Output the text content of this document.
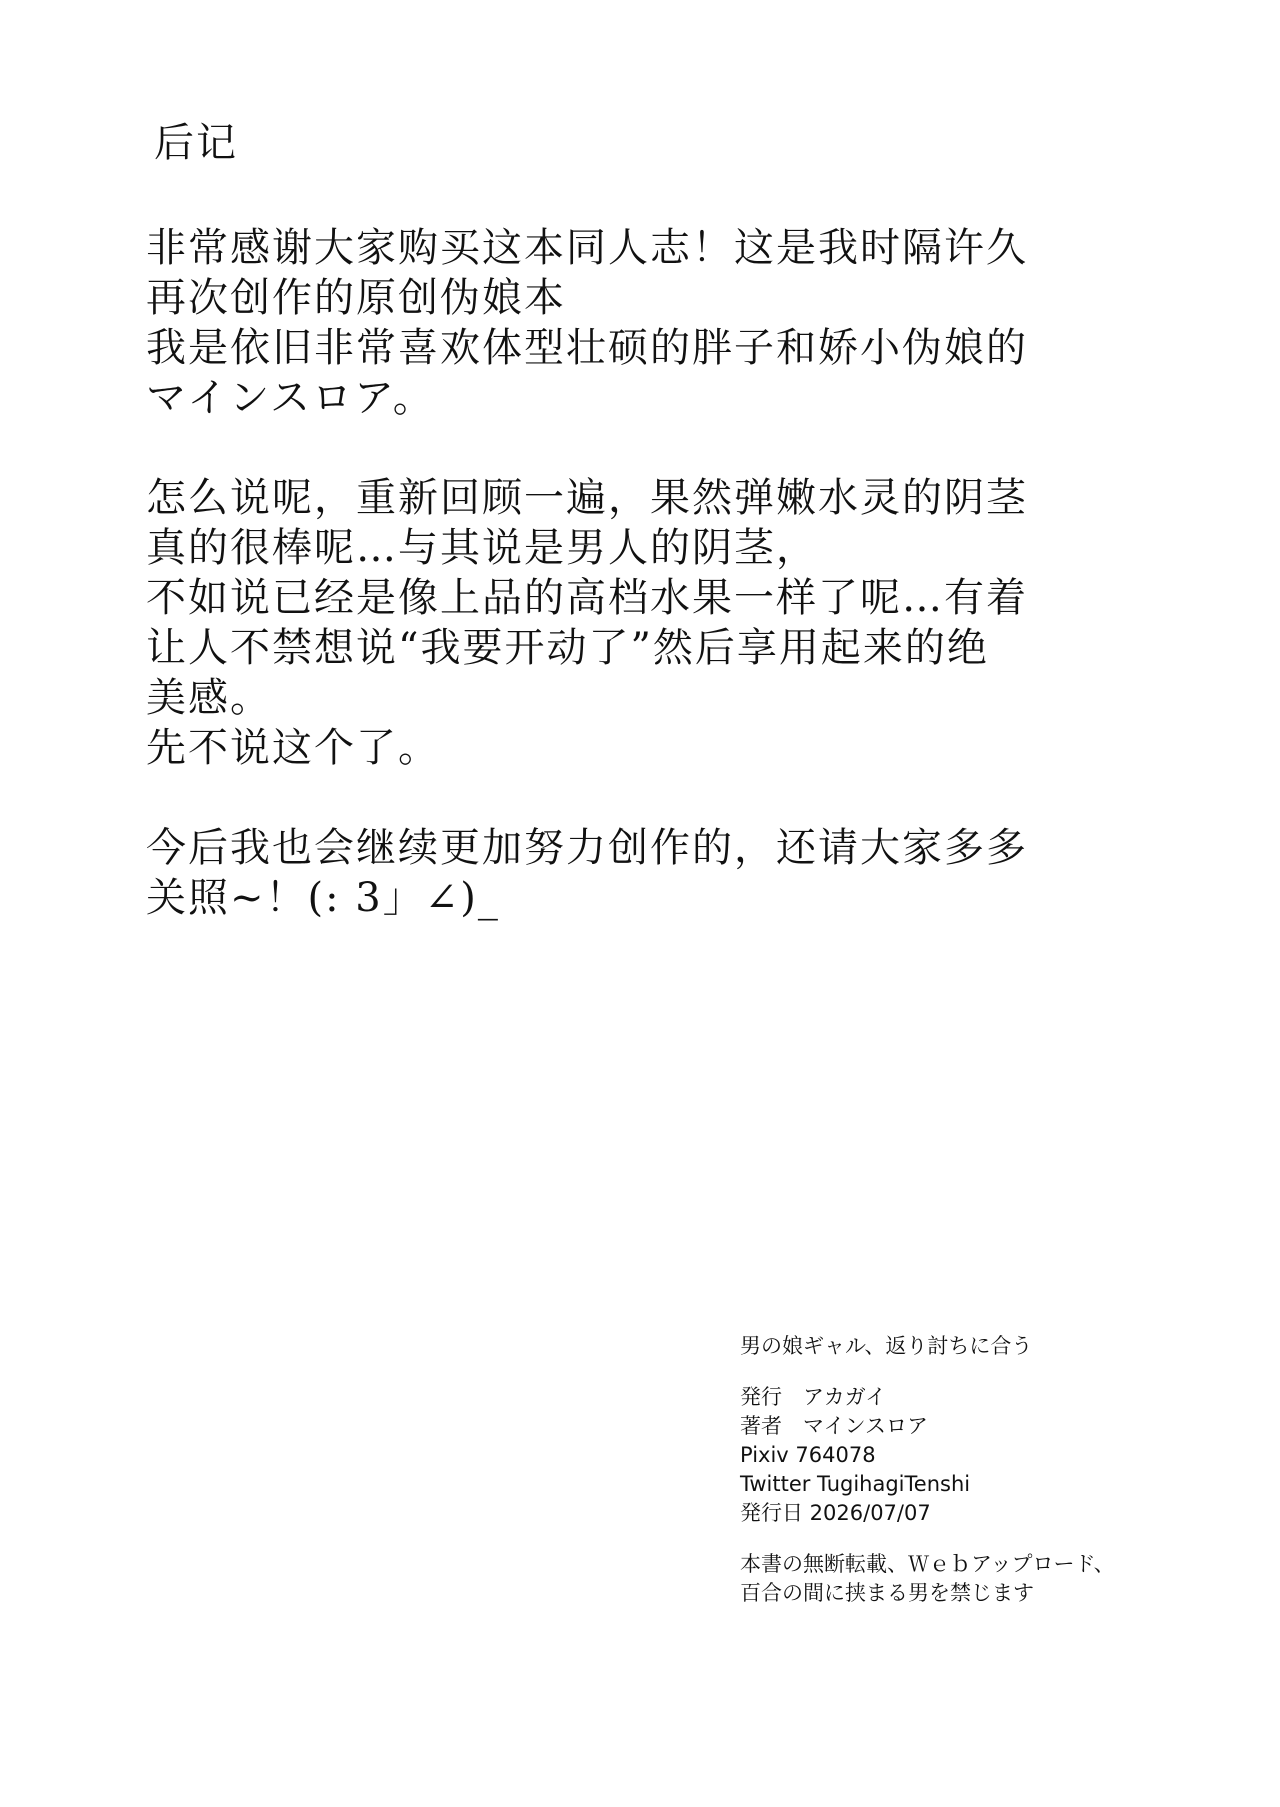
后记
非常感谢大家购买这本同人志！这是我时隔许久
再次创作的原创伪娘本
我是依旧非常喜欢体型壮硕的胖子和娇小伪娘的
マインスロア。
怎么说呢，重新回顾一遍，果然弹嫩水灵的阴茎
真的很棒呢…与其说是男人的阴茎，
不如说已经是像上品的高档水果一样了呢…有着
让人不禁想说“我要开动了”然后享用起来的绝
美感。
先不说这个了。
今后我也会继续更加努力创作的，还请大家多多
关照~！(: 3」∠)_
男の娘ギャル、返り討ちに合う
発行　アカガイ
著者　マインスロア
Pixiv 764078
Twitter TugihagiTenshi
発行日 2026/07/07
本書の無断転載、Ｗｅｂアップロード、
百合の間に挟まる男を禁じます
